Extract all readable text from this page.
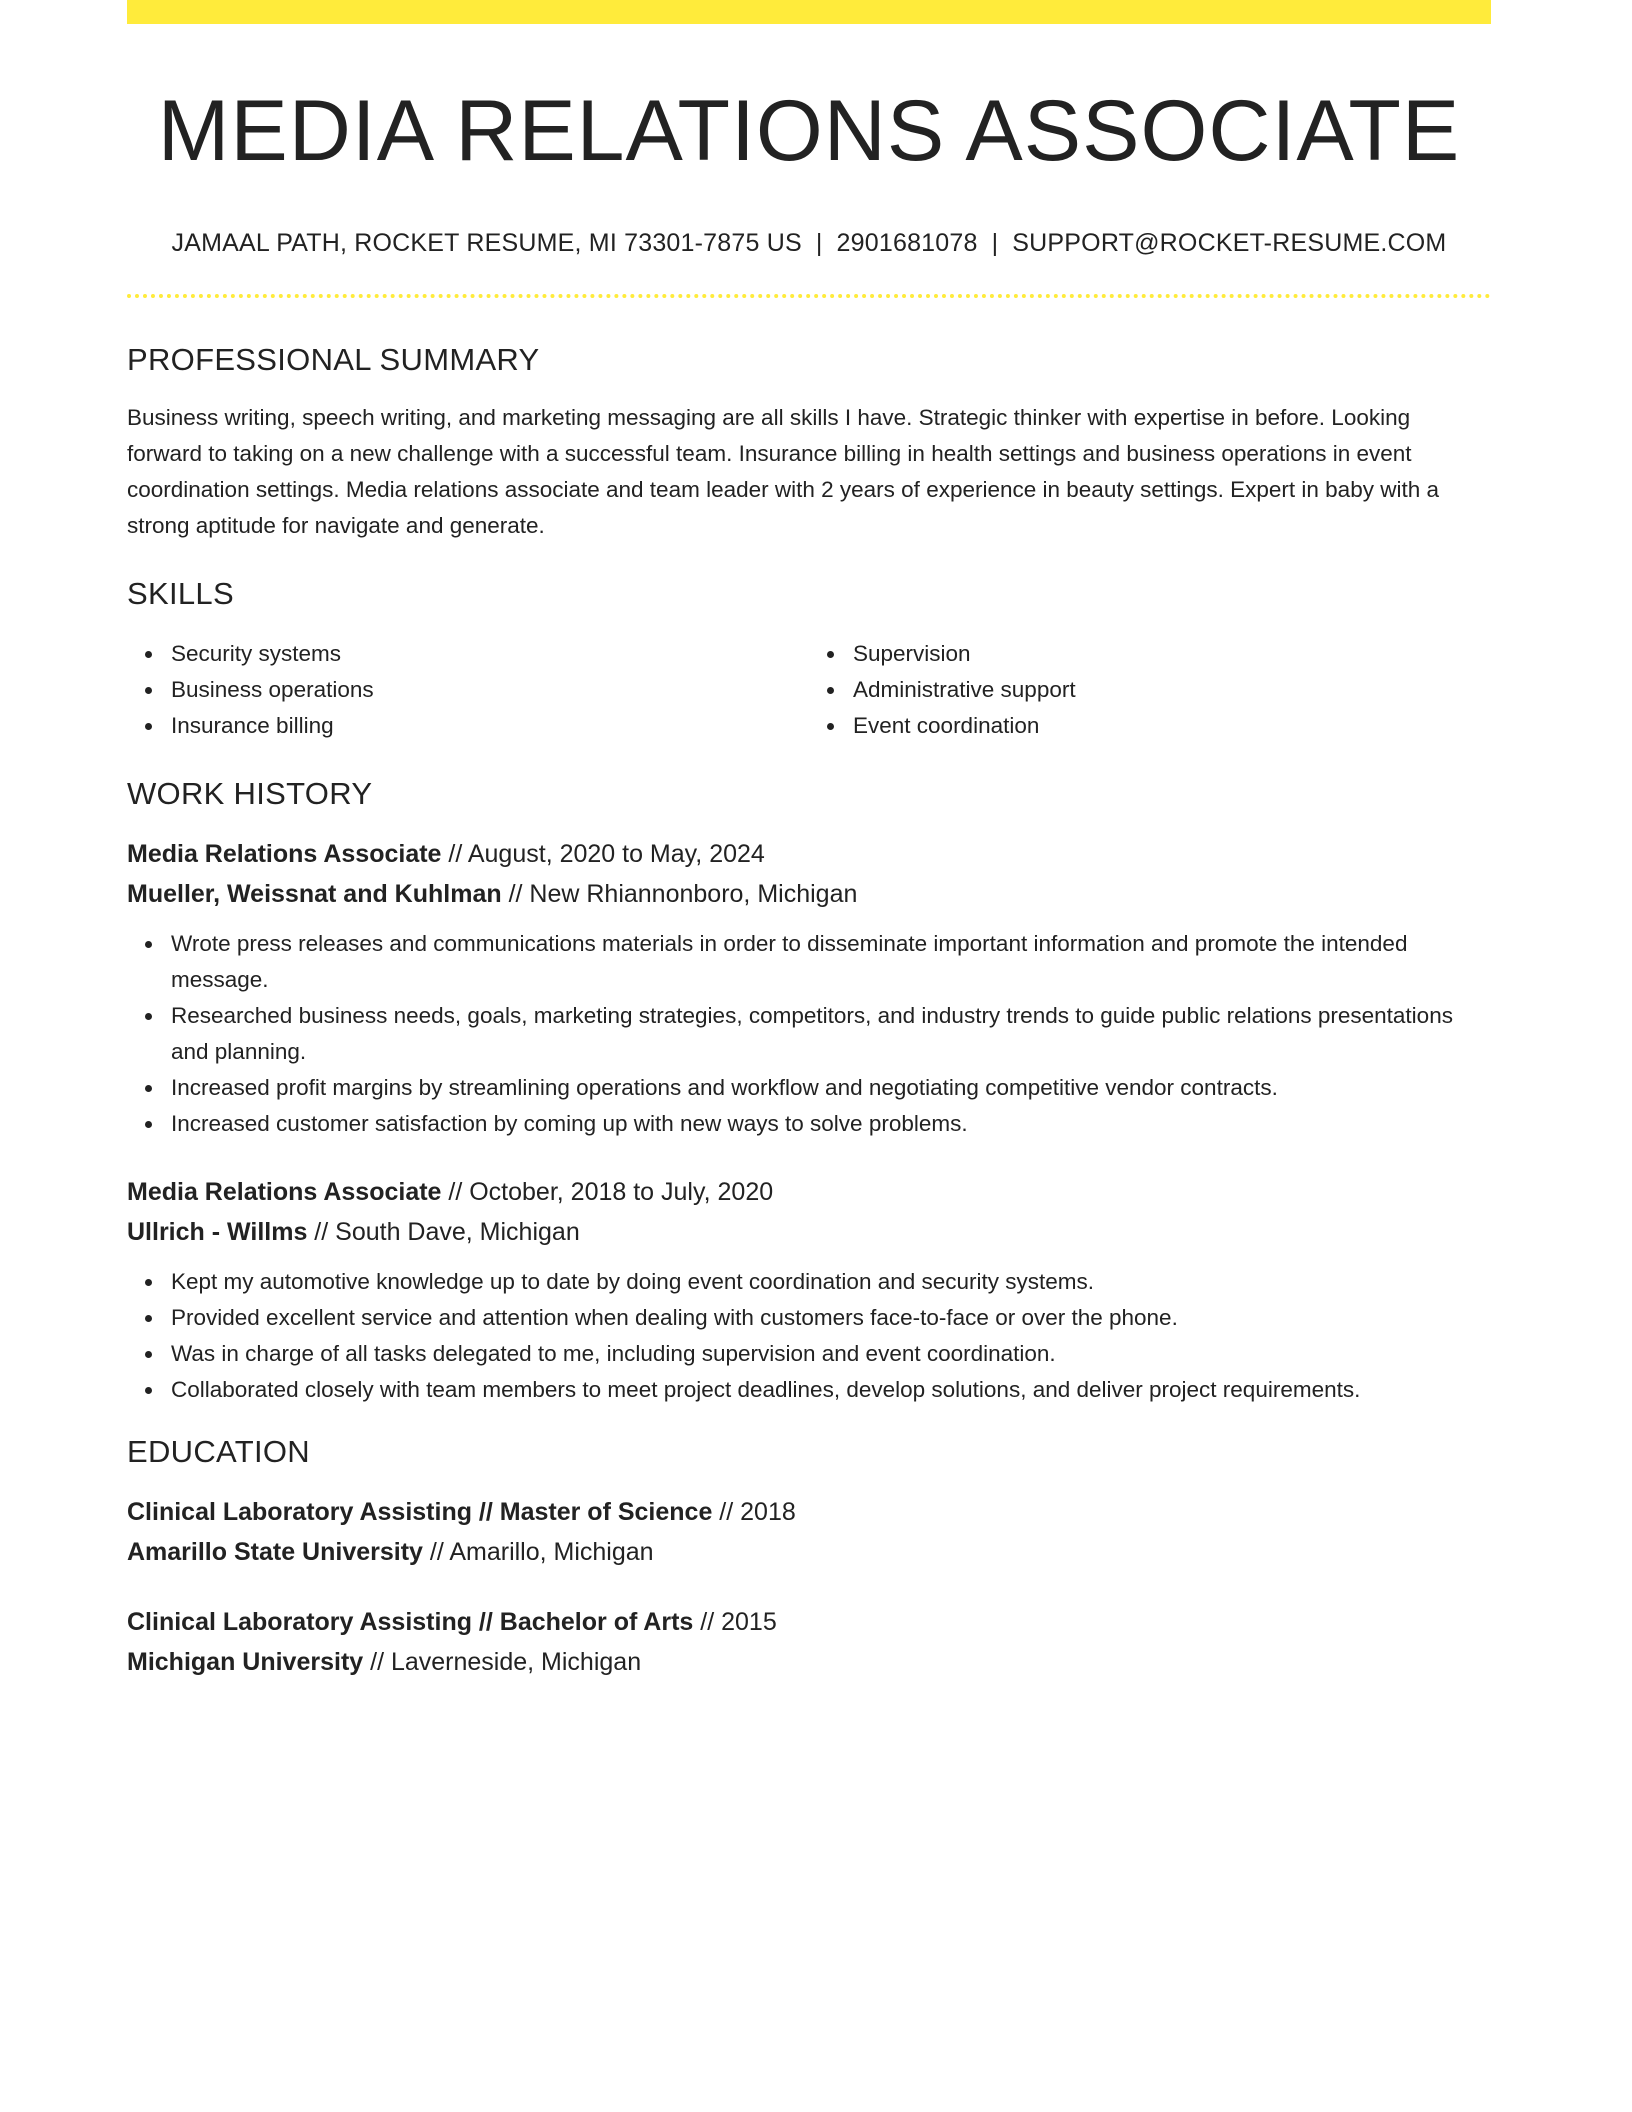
MEDIA RELATIONS ASSOCIATE
JAMAAL PATH, ROCKET RESUME, MI 73301-7875 US | 2901681078 | SUPPORT@ROCKET-RESUME.COM
PROFESSIONAL SUMMARY

Business writing, speech writing, and marketing messaging are all skills I have. Strategic thinker with expertise in before. Looking forward to taking on a new challenge with a successful team. Insurance billing in health settings and business operations in event coordination settings. Media relations associate and team leader with 2 years of experience in beauty settings. Expert in baby with a strong aptitude for navigate and generate.

SKILLS
Security systems
Business operations
Insurance billing
Supervision
Administrative support
Event coordination
WORK HISTORY
Media Relations Associate // August, 2020 to May, 2024
Mueller, Weissnat and Kuhlman // New Rhiannonboro, Michigan
Wrote press releases and communications materials in order to disseminate important information and promote the intended message.
Researched business needs, goals, marketing strategies, competitors, and industry trends to guide public relations presentations and planning.
Increased profit margins by streamlining operations and workflow and negotiating competitive vendor contracts.
Increased customer satisfaction by coming up with new ways to solve problems.
Media Relations Associate // October, 2018 to July, 2020
Ullrich - Willms // South Dave, Michigan
Kept my automotive knowledge up to date by doing event coordination and security systems.
Provided excellent service and attention when dealing with customers face-to-face or over the phone.
Was in charge of all tasks delegated to me, including supervision and event coordination.
Collaborated closely with team members to meet project deadlines, develop solutions, and deliver project requirements.
EDUCATION
Clinical Laboratory Assisting // Master of Science // 2018
Amarillo State University // Amarillo, Michigan
Clinical Laboratory Assisting // Bachelor of Arts // 2015
Michigan University // Laverneside, Michigan
